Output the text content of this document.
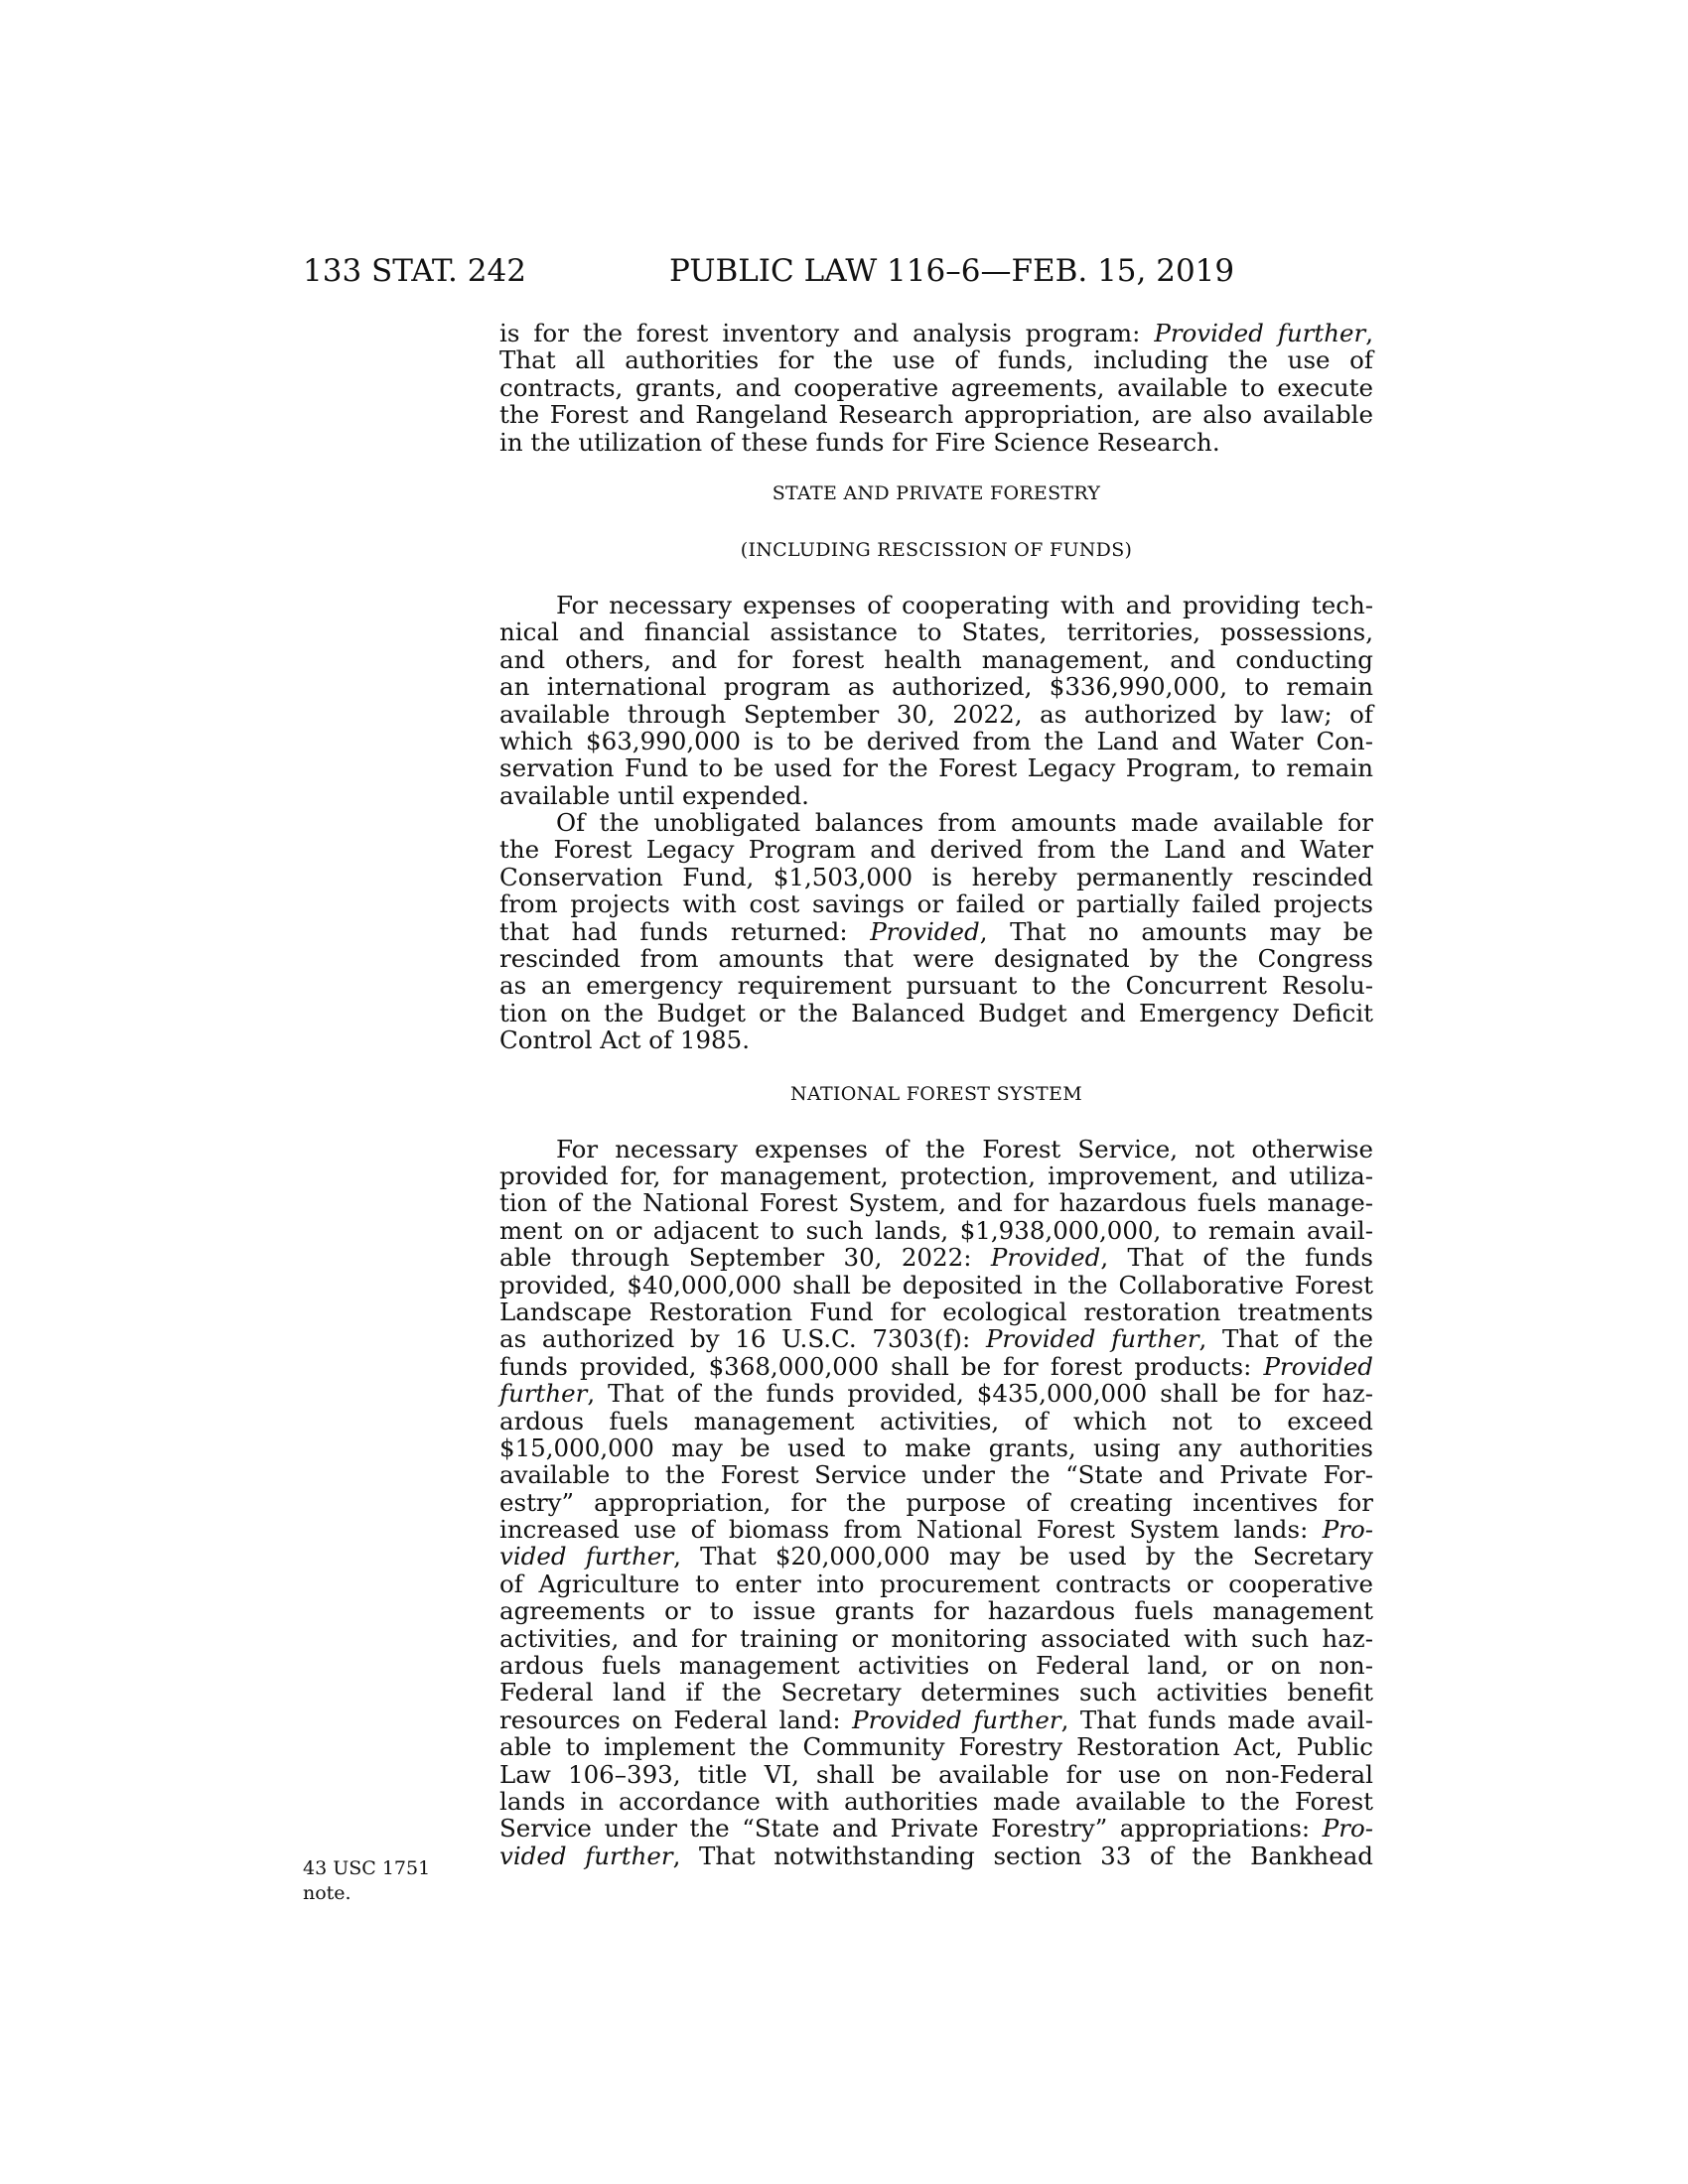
133 STAT. 242	PUBLIC LAW 116–6—FEB. 15, 2019
43 USC 1751
note.
is for the forest inventory and analysis program: Provided further,
That all authorities for the use of funds, including the use of
contracts, grants, and cooperative agreements, available to execute
the Forest and Rangeland Research appropriation, are also available
in the utilization of these funds for Fire Science Research.
STATE AND PRIVATE FORESTRY
(INCLUDING RESCISSION OF FUNDS)
For necessary expenses of cooperating with and providing tech-
nical and financial assistance to States, territories, possessions,
and others, and for forest health management, and conducting
an international program as authorized, $336,990,000, to remain
available through September 30, 2022, as authorized by law; of
which $63,990,000 is to be derived from the Land and Water Con-
servation Fund to be used for the Forest Legacy Program, to remain
available until expended.
Of the unobligated balances from amounts made available for
the Forest Legacy Program and derived from the Land and Water
Conservation Fund, $1,503,000 is hereby permanently rescinded
from projects with cost savings or failed or partially failed projects
that had funds returned: Provided, That no amounts may be
rescinded from amounts that were designated by the Congress
as an emergency requirement pursuant to the Concurrent Resolu-
tion on the Budget or the Balanced Budget and Emergency Deficit
Control Act of 1985.
NATIONAL FOREST SYSTEM
For necessary expenses of the Forest Service, not otherwise
provided for, for management, protection, improvement, and utiliza-
tion of the National Forest System, and for hazardous fuels manage-
ment on or adjacent to such lands, $1,938,000,000, to remain avail-
able through September 30, 2022: Provided, That of the funds
provided, $40,000,000 shall be deposited in the Collaborative Forest
Landscape Restoration Fund for ecological restoration treatments
as authorized by 16 U.S.C. 7303(f): Provided further, That of the
funds provided, $368,000,000 shall be for forest products: Provided
further, That of the funds provided, $435,000,000 shall be for haz-
ardous fuels management activities, of which not to exceed
$15,000,000 may be used to make grants, using any authorities
available to the Forest Service under the “State and Private For-
estry” appropriation, for the purpose of creating incentives for
increased use of biomass from National Forest System lands: Pro-
vided further, That $20,000,000 may be used by the Secretary
of Agriculture to enter into procurement contracts or cooperative
agreements or to issue grants for hazardous fuels management
activities, and for training or monitoring associated with such haz-
ardous fuels management activities on Federal land, or on non-
Federal land if the Secretary determines such activities benefit
resources on Federal land: Provided further, That funds made avail-
able to implement the Community Forestry Restoration Act, Public
Law 106–393, title VI, shall be available for use on non-Federal
lands in accordance with authorities made available to the Forest
Service under the “State and Private Forestry” appropriations: Pro-
vided further, That notwithstanding section 33 of the Bankhead
